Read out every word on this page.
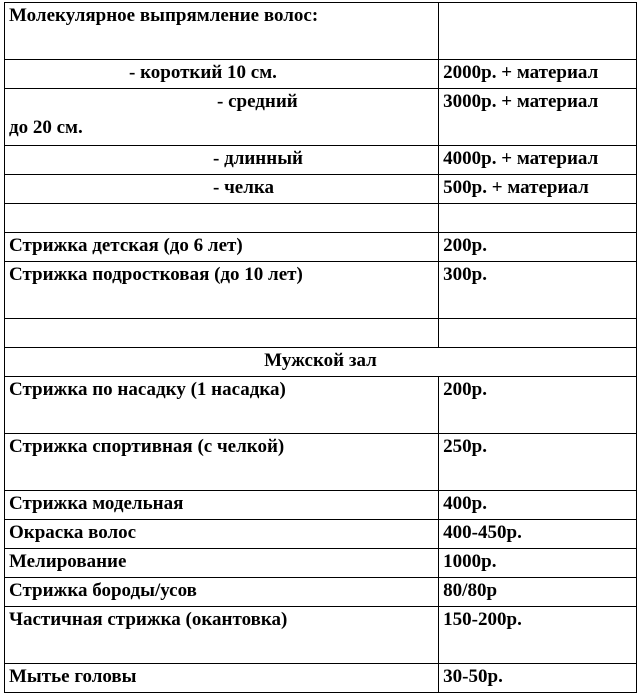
Молекулярное выпрямление волос:	
- короткий 10 см.	2000р. + материал

- средний
до 20 см.	3000р. + материал
- длинный	4000р. + материал
- челка	500р. + материал

Стрижка детская (до 6 лет)	200р.
Стрижка подростковая (до 10 лет)	300р.

Мужской зал	
Стрижка по насадку (1 насадка)	200р.
Стрижка спортивная (с челкой)	250р.
Стрижка модельная	400р.
Окраска волос	400-450р.
Мелирование	1000р.
Стрижка бороды/усов	80/80р
Частичная стрижка (окантовка)	150-200р.
Мытье головы	30-50р.
